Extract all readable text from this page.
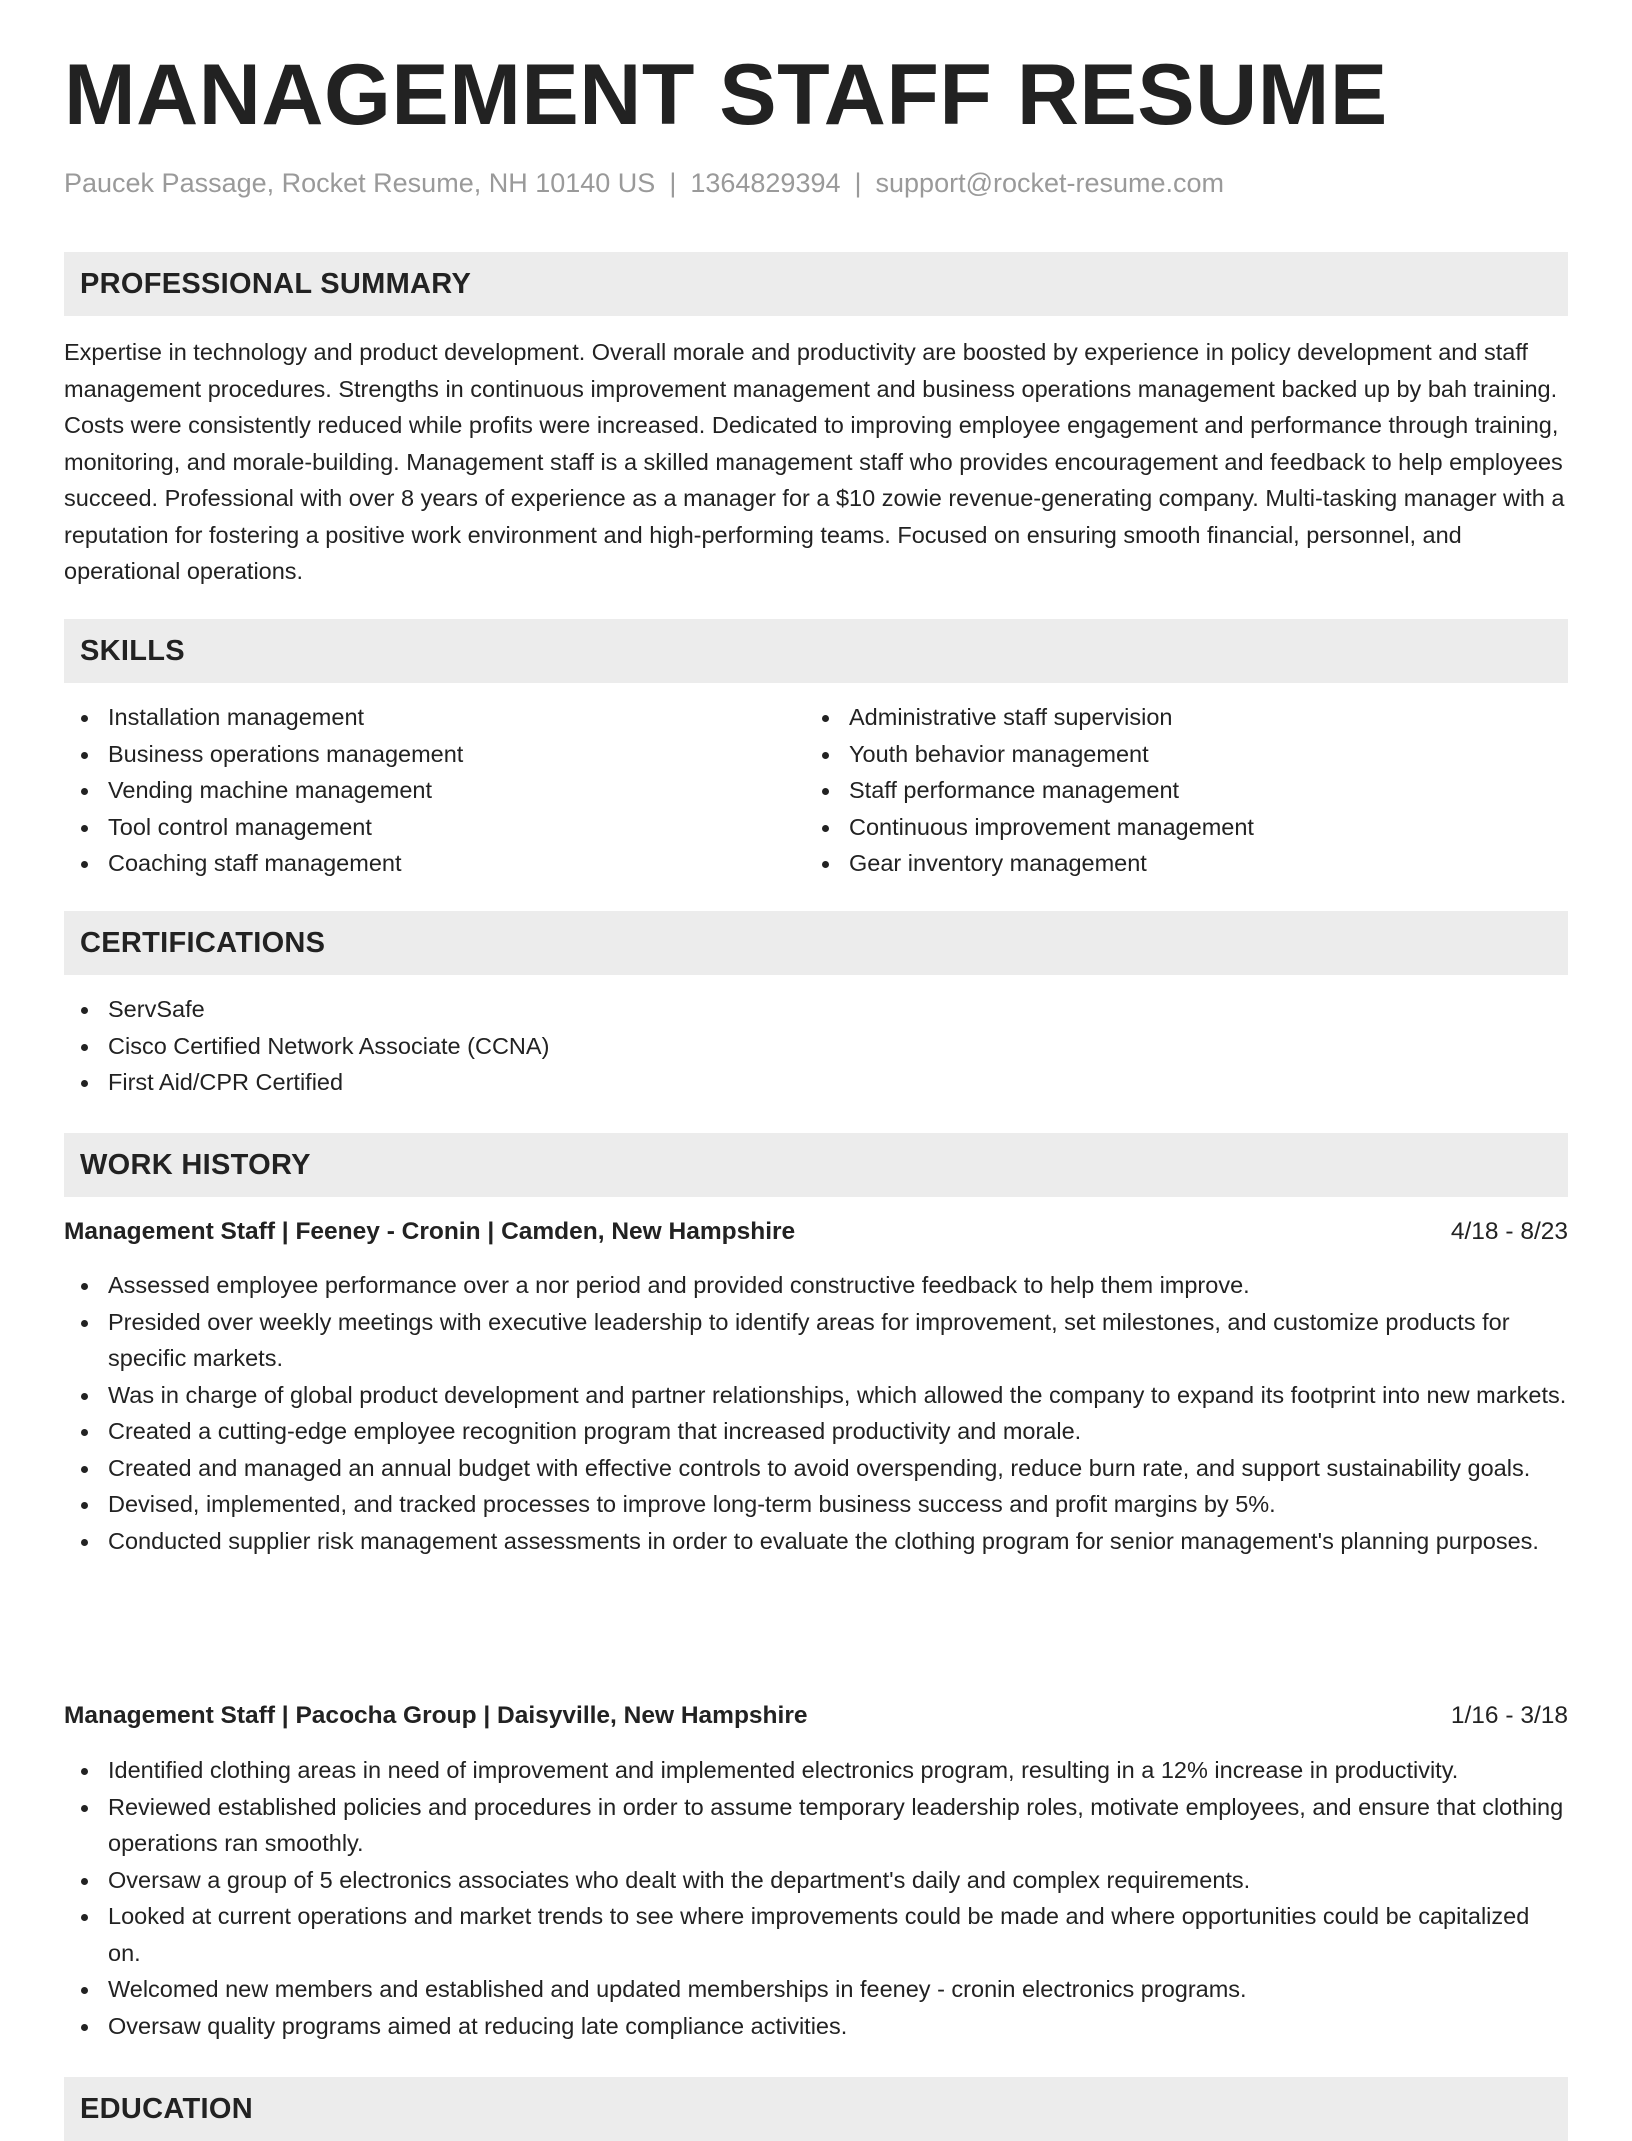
MANAGEMENT STAFF RESUME
Paucek Passage, Rocket Resume, NH 10140 US | 1364829394 | support@rocket-resume.com
PROFESSIONAL SUMMARY

Expertise in technology and product development. Overall morale and productivity are boosted by experience in policy development and staff management procedures. Strengths in continuous improvement management and business operations management backed up by bah training. Costs were consistently reduced while profits were increased. Dedicated to improving employee engagement and performance through training, monitoring, and morale-building. Management staff is a skilled management staff who provides encouragement and feedback to help employees succeed. Professional with over 8 years of experience as a manager for a $10 zowie revenue-generating company. Multi-tasking manager with a reputation for fostering a positive work environment and high-performing teams. Focused on ensuring smooth financial, personnel, and operational operations.

SKILLS
Installation management
Business operations management
Vending machine management
Tool control management
Coaching staff management
Administrative staff supervision
Youth behavior management
Staff performance management
Continuous improvement management
Gear inventory management
CERTIFICATIONS
ServSafe
Cisco Certified Network Associate (CCNA)
First Aid/CPR Certified
WORK HISTORY
Management Staff | Feeney - Cronin | Camden, New Hampshire	4/18 - 8/23
Assessed employee performance over a nor period and provided constructive feedback to help them improve.
Presided over weekly meetings with executive leadership to identify areas for improvement, set milestones, and customize products for specific markets.
Was in charge of global product development and partner relationships, which allowed the company to expand its footprint into new markets.
Created a cutting-edge employee recognition program that increased productivity and morale.
Created and managed an annual budget with effective controls to avoid overspending, reduce burn rate, and support sustainability goals.
Devised, implemented, and tracked processes to improve long-term business success and profit margins by 5%.
Conducted supplier risk management assessments in order to evaluate the clothing program for senior management's planning purposes.
Management Staff | Pacocha Group | Daisyville, New Hampshire	1/16 - 3/18
Identified clothing areas in need of improvement and implemented electronics program, resulting in a 12% increase in productivity.
Reviewed established policies and procedures in order to assume temporary leadership roles, motivate employees, and ensure that clothing operations ran smoothly.
Oversaw a group of 5 electronics associates who dealt with the department's daily and complex requirements.
Looked at current operations and market trends to see where improvements could be made and where opportunities could be capitalized on.
Welcomed new members and established and updated memberships in feeney - cronin electronics programs.
Oversaw quality programs aimed at reducing late compliance activities.
EDUCATION
